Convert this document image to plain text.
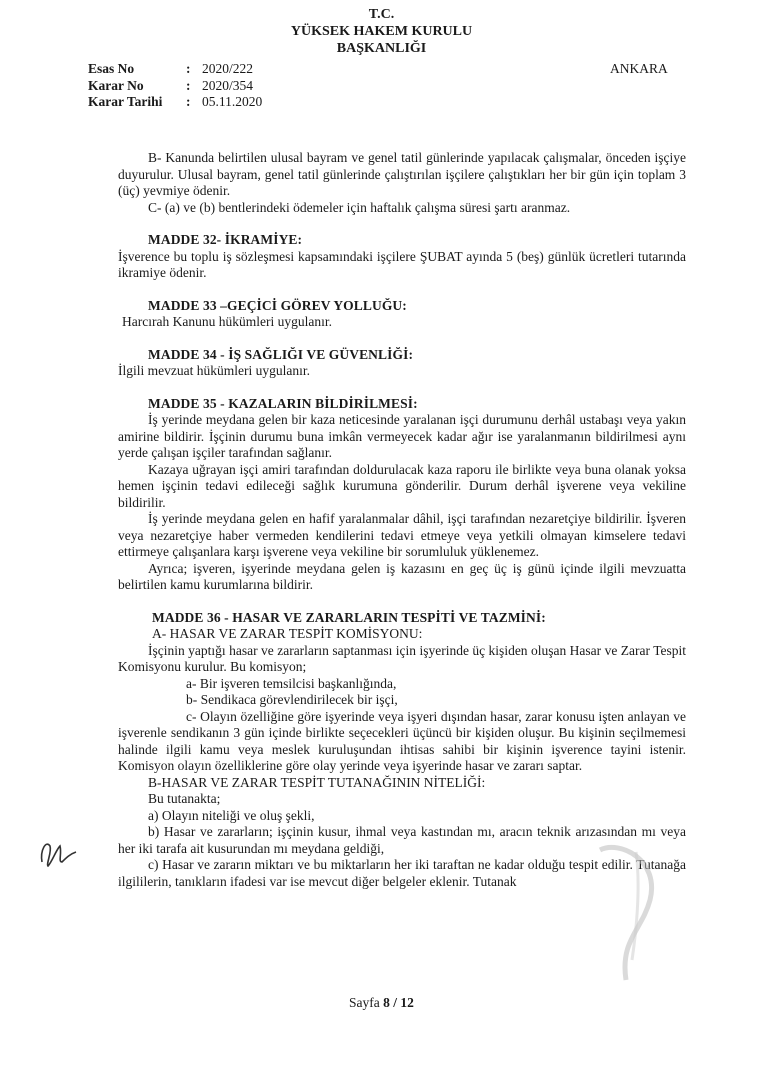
T.C.
YÜKSEK HAKEM KURULU
BAŞKANLIĞI
Esas No	: 2020/222
Karar No	: 2020/354
Karar Tarihi	: 05.11.2020
ANKARA

B- Kanunda belirtilen ulusal bayram ve genel tatil günlerinde yapılacak çalışmalar, önceden işçiye duyurulur. Ulusal bayram, genel tatil günlerinde çalıştırılan işçilere çalıştıkları her bir gün için toplam 3 (üç) yevmiye ödenir.

C- (a) ve (b) bentlerindeki ödemeler için haftalık çalışma süresi şartı aranmaz.

MADDE 32- İKRAMİYE:

İşverence bu toplu iş sözleşmesi kapsamındaki işçilere ŞUBAT ayında 5 (beş) günlük ücretleri tutarında ikramiye ödenir.

MADDE 33 –GEÇİCİ GÖREV YOLLUĞU:

Harcırah Kanunu hükümleri uygulanır.

MADDE 34 - İŞ SAĞLIĞI VE GÜVENLİĞİ:

İlgili mevzuat hükümleri uygulanır.

MADDE 35 - KAZALARIN BİLDİRİLMESİ:

İş yerinde meydana gelen bir kaza neticesinde yaralanan işçi durumunu derhâl ustabaşı veya yakın amirine bildirir. İşçinin durumu buna imkân vermeyecek kadar ağır ise yaralanmanın bildirilmesi aynı yerde çalışan işçiler tarafından sağlanır.

Kazaya uğrayan işçi amiri tarafından doldurulacak kaza raporu ile birlikte veya buna olanak yoksa hemen işçinin tedavi edileceği sağlık kurumuna gönderilir. Durum derhâl işverene veya vekiline bildirilir.

İş yerinde meydana gelen en hafif yaralanmalar dâhil, işçi tarafından nezaretçiye bildirilir. İşveren veya nezaretçiye haber vermeden kendilerini tedavi etmeye veya yetkili olmayan kimselere tedavi ettirmeye çalışanlara karşı işverene veya vekiline bir sorumluluk yüklenemez.

Ayrıca; işveren, işyerinde meydana gelen iş kazasını en geç üç iş günü içinde ilgili mevzuatta belirtilen kamu kurumlarına bildirir.

MADDE 36 - HASAR VE ZARARLARIN TESPİTİ VE TAZMİNİ:

A- HASAR VE ZARAR TESPİT KOMİSYONU:

İşçinin yaptığı hasar ve zararların saptanması için işyerinde üç kişiden oluşan Hasar ve Zarar Tespit Komisyonu kurulur. Bu komisyon;

a- Bir işveren temsilcisi başkanlığında,

b- Sendikaca görevlendirilecek bir işçi,

c- Olayın özelliğine göre işyerinde veya işyeri dışından hasar, zarar konusu işten anlayan ve işverenle sendikanın 3 gün içinde birlikte seçecekleri üçüncü bir kişiden oluşur. Bu kişinin seçilmemesi halinde ilgili kamu veya meslek kuruluşundan ihtisas sahibi bir kişinin işverence tayini istenir. Komisyon olayın özelliklerine göre olay yerinde veya işyerinde hasar ve zararı saptar.

B-HASAR VE ZARAR TESPİT TUTANAĞININ NİTELİĞİ:

Bu tutanakta;

a) Olayın niteliği ve oluş şekli,

b) Hasar ve zararların; işçinin kusur, ihmal veya kastından mı, aracın teknik arızasından mı veya her iki tarafa ait kusurundan mı meydana geldiği,

c) Hasar ve zararın miktarı ve bu miktarların her iki taraftan ne kadar olduğu tespit edilir. Tutanağa ilgililerin, tanıkların ifadesi var ise mevcut diğer belgeler eklenir. Tutanak

Sayfa 8 / 12
